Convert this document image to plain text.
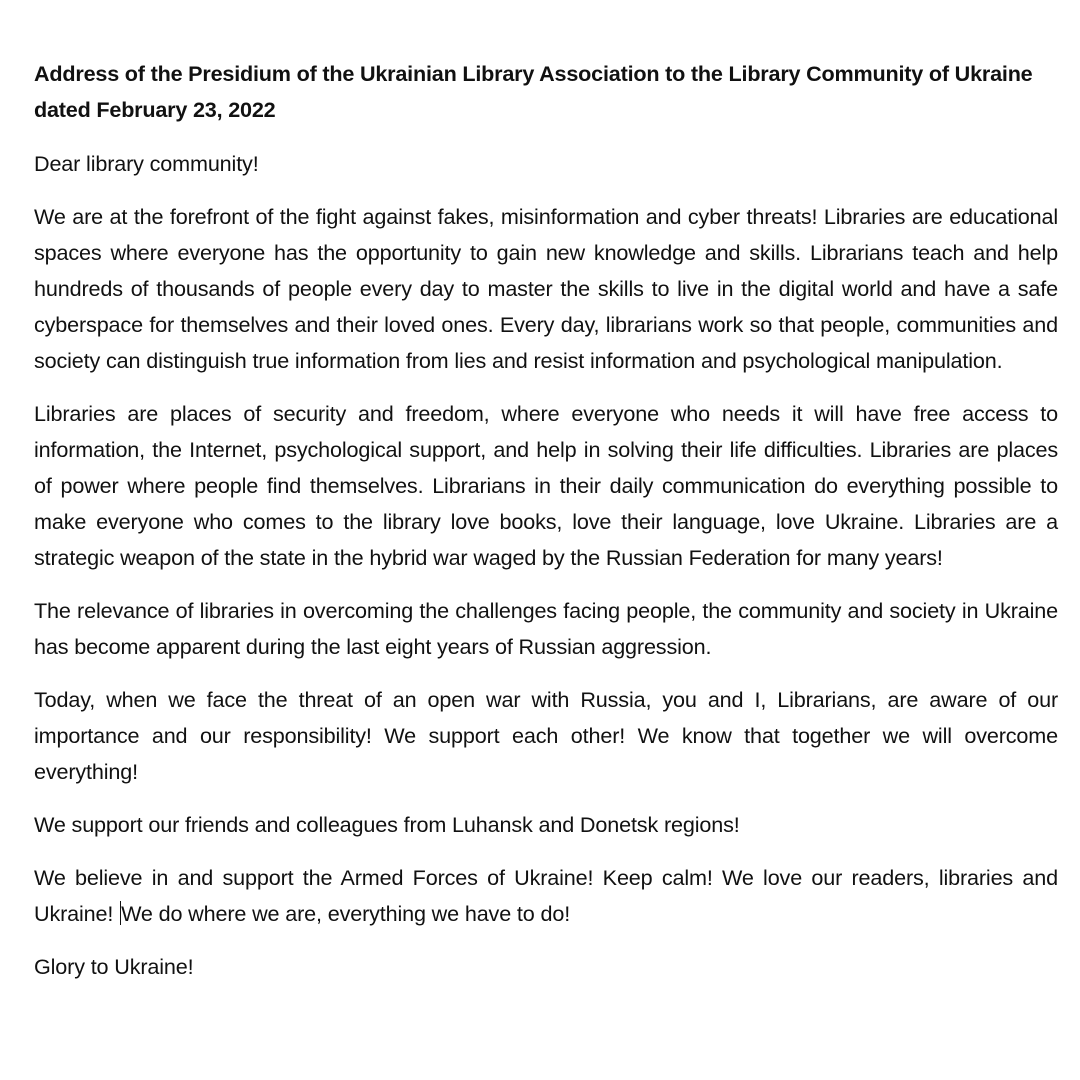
Address of the Presidium of the Ukrainian Library Association to the Library Community of Ukraine dated February 23, 2022

Dear library community!

We are at the forefront of the fight against fakes, misinformation and cyber threats! Libraries are educational spaces where everyone has the opportunity to gain new knowledge and skills. Librarians teach and help hundreds of thousands of people every day to master the skills to live in the digital world and have a safe cyberspace for themselves and their loved ones. Every day, librarians work so that people, communities and society can distinguish true information from lies and resist information and psychological manipulation.

Libraries are places of security and freedom, where everyone who needs it will have free access to information, the Internet, psychological support, and help in solving their life difficulties. Libraries are places of power where people find themselves. Librarians in their daily communication do everything possible to make everyone who comes to the library love books, love their language, love Ukraine. Libraries are a strategic weapon of the state in the hybrid war waged by the Russian Federation for many years!

The relevance of libraries in overcoming the challenges facing people, the community and society in Ukraine has become apparent during the last eight years of Russian aggression.

Today, when we face the threat of an open war with Russia, you and I, Librarians, are aware of our importance and our responsibility! We support each other! We know that together we will overcome everything!

We support our friends and colleagues from Luhansk and Donetsk regions!

We believe in and support the Armed Forces of Ukraine! Keep calm! We love our readers, libraries and Ukraine! We do where we are, everything we have to do!

Glory to Ukraine!
